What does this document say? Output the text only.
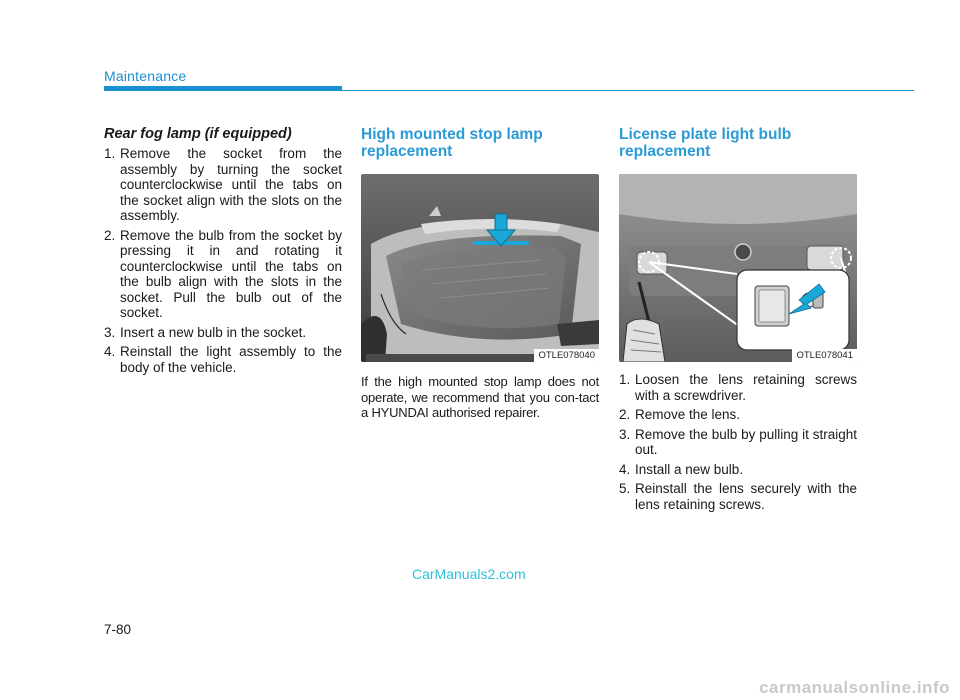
Maintenance
Rear fog lamp (if equipped)
1. Remove the socket from the assembly by turning the socket counterclockwise until the tabs on the socket align with the slots on the assembly.
2. Remove the bulb from the socket by pressing it in and rotating it counterclockwise until the tabs on the bulb align with the slots in the socket. Pull the bulb out of the socket.
3. Insert a new bulb in the socket.
4. Reinstall the light assembly to the body of the vehicle.
High mounted stop lamp replacement
OTLE078040

If the high mounted stop lamp does not operate, we recommend that you con-tact a HYUNDAI authorised repairer.

License plate light bulb replacement
OTLE078041
1. Loosen the lens retaining screws with a screwdriver.
2. Remove the lens.
3. Remove the bulb by pulling it straight out.
4. Install a new bulb.
5. Reinstall the lens securely with the lens retaining screws.
CarManuals2.com
7-80
carmanualsonline.info
